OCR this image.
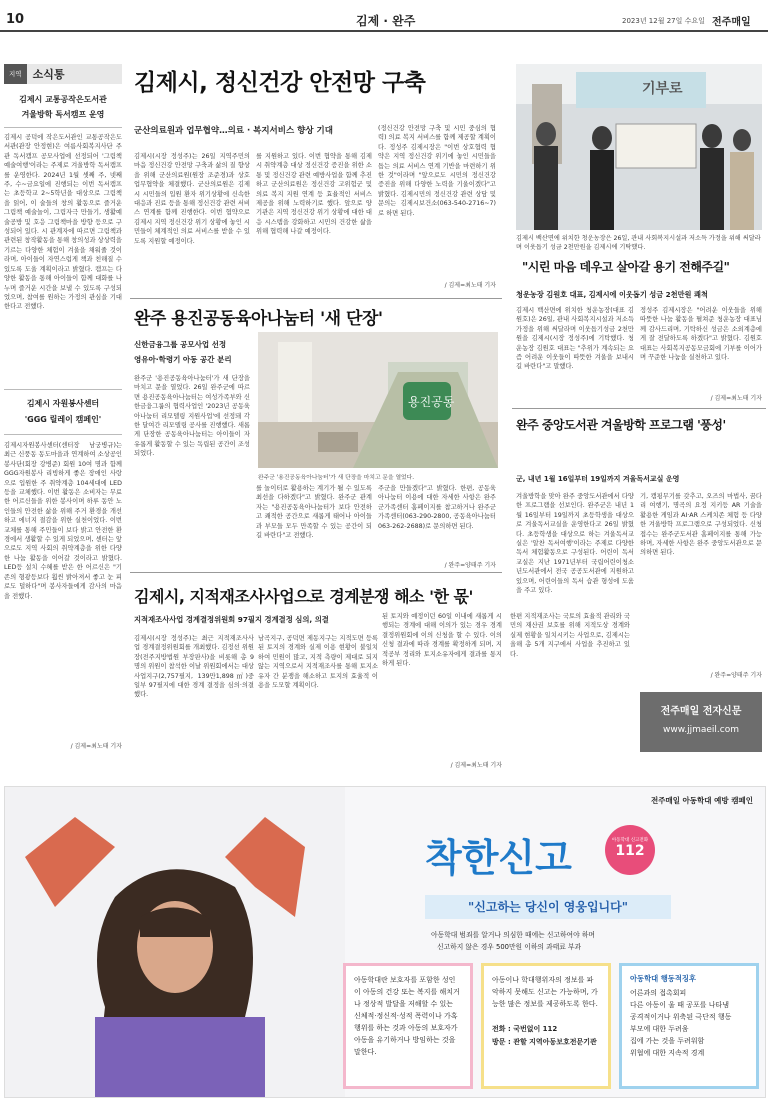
10	김제 · 완주	2023년 12월 27일 수요일 전주매일
지역	소식통
김제시 교통공작은도서관
겨울방학 독서캠프 운영
김제시 공덕에 작은도서관인 교통공작은도서관(관장 안정현)은 여름사회복지사단 주관 독서캠프 공모사업에 선정되어 '그림책 예술여행'이라는 주제로 겨울방학 독서캠프를 운영한다. 2024년 1월 셋째 주, 넷째 주, 수~금요일에 진행되는 이번 독서캠프는 초등학교 2~5학년을 대상으로 그림책을 읽어, 이 술들의 창의 활동으로 즐거운 그림책 예술놀이, 그림자극 만들기, 생활예술공방 및 호응 그림책마을 방향 등으로 구성되어 있다. 시 관계자에 따르면 그림책과 관련된 창작활동을 통해 창의성과 상상력을 기르는 다양한 체험이 겨울을 채워줄 것이라며, 아이들이 자연스럽게 책과 친해질 수 있도록 도울 계획이라고 밝혔다. 캠프는 다양한 활동을 통해 아이들이 함께 대화를 나누며 즐거운 시간을 보낼 수 있도록 구성되었으며, 참여를 원하는 가정의 관심을 기대한다고 전했다.
김제시 자원봉사센터
'GGG 릴레이 캠페인'
김제시자원봉사센터(센터장 남궁병규)는 최근 신풍동 동도마을과 연계하여 소상공인 봉사단(회장 강병준) 회원 10여 명과 함께 GGG자원봉사 리빙하게 좋은 장애인 사랑으로 입원한 주 취약계층 104세대에 LED등을 교체했다. 이번 활동은 소비자는 무료한 어르신들을 위한 봉사이며 하루 동안 노인들의 안전한 삶을 위해 주거 환경을 개선하고 에너지 절감을 위한 실천이었다. 이번 교체를 통해 주민들이 보다 밝고 안전한 환경에서 생활할 수 있게 되었으며, 센터는 앞으로도 지역 사회의 취약계층을 위한 다양한 나눔 활동을 이어갈 것이라고 밝혔다. LED등 설치 수혜를 받은 한 어르신은 "기존의 형광등보다 훨씬 밝아져서 좋고 눈 피로도 덜하다"며 봉사자들에게 감사의 마음을 전했다.
/ 김제=최노태 기자
김제시, 정신건강 안전망 구축
군산의료원과 업무협약…의료 · 복지서비스 향상 기대
김제시(시장 정성주)는 26일 지역주민의 마음 정신건강 안전망 구축과 삶의 질 향상을 위해 군산의료원(원장 조준경)과 상호 업무협약을 체결했다. 군산의료원은 김제시 시민들의 입원 환자 위기상황에 신속한 대응과 진료 등을 통해 정신건강 관련 서비스 연계를 함께 진행한다. 이번 협약으로 김제시 지역 정신건강 위기 상황에 놓인 시민들이 체계적인 의료 서비스를 받을 수 있도록 지원할 예정이다.
를 지원하고 있다. 이번 협약을 통해 김제시 취약계층 대상 정신건강 증진을 위한 소통 및 정신건강 관련 예방사업을 함께 추진하고 군산의료원은 정신건강 고위험군 및 의료 복지 지원 연계 등 효율적인 서비스 제공을 위해 노력하기로 했다. 앞으로 양 기관은 지역 정신건강 위기 상황에 대한 대응 시스템을 강화하고 시민의 건강한 삶을 위해 협력해 나갈 예정이다.
(정신건강 안전망 구축 및 시민 중심의 협력) 의료 복지 서비스를 함께 제공할 계획이다. 정성주 김제시장은 "이번 상호협력 협약은 지역 정신건강 위기에 놓인 시민들을 돕는 의료 서비스 연계 기반을 마련하기 위한 것"이라며 "앞으로도 시민의 정신건강 증진을 위해 다양한 노력을 기울이겠다"고 밝혔다. 김제시민의 정신건강 관련 상담 및 문의는 김제시보건소(063-540-2716~7)로 하면 된다.
/ 김제=최노태 기자
완주 용진공동육아나눔터 '새 단장'
신한금융그룹 공모사업 선정
영유아·학령기 아동 공간 분리
완주군 '용진공동육아나눔터'가 새 단장을 마치고 문을 열었다. 26일 완주군에 따르면 용진공동육아나눔터는 여성가족부와 신한금융그룹의 협력사업인 '2023년 공동육아나눔터 리모델링 지원사업'에 선정돼 각 한 달여간 리모델링 공사를 진행했다. 새롭게 단장한 공동육아나눔터는 아이들이 자유롭게 활동할 수 있는 독립된 공간이 조성되었다.
용진공동
완주군 '용진공동육아나눔터'가 새 단장을 마치고 문을 열었다.
를 놀이터로 활용하는 계기가 될 수 있도록 최선을 다하겠다"고 밝혔다. 완주군 관계자는 "용진공동육아나눔터가 보다 안전하고 쾌적한 공간으로 새롭게 태어나 아이들과 부모들 모두 만족할 수 있는 공간이 되길 바란다"고 전했다.
주군을 만들겠다"고 밝혔다. 한편, 공동육아나눔터 이용에 대한 자세한 사항은 완주군가족센터 홈페이지를 참고하거나 완주군가족센터(063-290-2800, 공동육아나눔터 063-262-2688)로 문의하면 된다.
/ 완주=양태주 기자
김제시, 지적재조사사업으로 경계분쟁 해소 '한 몫'
지적재조사사업 경계결정위원회 97필지 경계결정 심의, 의결
김제시(시장 정성주)는 최근 지적재조사사업 경계결정위원회를 개최했다. 김정선 위원장(전주지방법원 부장판사)을 비롯해 총 9명의 위원이 참석한 이날 위원회에서는 대상 사업지구(2,757필지, 139만1,898㎡)중 일부 97필지에 대한 경계 결정을 심의·의결했다.
남곡지구, 공덕면 제동지구는 지적도면 등록된 토지의 경계와 실제 이용 현황이 불일치하여 민원이 많고, 지적 측량이 제대로 되지 않는 지역으로서 지적재조사를 통해 토지소유자 간 분쟁을 해소하고 토지의 효율적 이용을 도모할 계획이다.
된 토지와 예정이던 60일 이내에 새롭게 시행되는 경계에 대해 이의가 있는 경우 경계결정위원회에 이의 신청을 할 수 있다. 이의 신청 결과에 따라 경계를 확정하게 되며, 지적공부 정리와 토지소유자에게 결과를 통지하게 된다.
한편 지적재조사는 국토의 효율적 관리와 국민의 재산권 보호를 위해 지적도상 경계와 실제 현황을 일치시키는 사업으로, 김제시는 올해 총 5개 지구에서 사업을 추진하고 있다.
/ 김제=최노태 기자
기부로
김제시 백산면에 위치한 청운농장은 26일, 관내 사회복지시설과 저소득 가정을 위해 써달라며 이웃돕기 성금 2천만원을 김제시에 기탁했다.
"시린 마음 데우고 살아갈 용기 전해주길"
청운농장 김원호 대표, 김제시에 이웃돕기 성금 2천만원 쾌척
김제시 백산면에 위치한 청운농장(대표 김원호)은 26일, 관내 사회복지시설과 저소득 가정을 위해 써달라며 이웃돕기성금 2천만원을 김제시(시장 정성주)에 기탁했다. 청운농장 김원호 대표는 "추위가 계속되는 요즘 어려운 이웃들이 따뜻한 겨울을 보내시길 바란다"고 말했다.
정성주 김제시장은 "어려운 이웃들을 위해 따뜻한 나눔 활동을 펼쳐준 청운농장 대표님께 감사드리며, 기탁하신 성금은 소외계층에게 잘 전달하도록 하겠다"고 밝혔다. 김원호 대표는 사회복지공동모금회에 기부를 이어가며 꾸준한 나눔을 실천하고 있다.
/ 김제=최노태 기자
완주 중앙도서관 겨울방학 프로그램 '풍성'
군, 내년 1월 16일부터 19일까지 겨울독서교실 운영
겨울방학을 맞아 완주 중앙도서관에서 다양한 프로그램을 선보인다. 완주군은 내년 1월 16일부터 19일까지 초등학생을 대상으로 겨울독서교실을 운영한다고 26일 밝혔다. 초등학생을 대상으로 하는 겨울독서교실은 '알찬 독서여행'이라는 주제로 다양한 독서 체험활동으로 구성된다. 어린이 독서교실은 지난 1971년부터 국립어린이청소년도서관에서 전국 공공도서관에 지원하고 있으며, 어린이들의 독서 습관 형성에 도움을 주고 있다.
기, 캠핑무기를 갖추고, 오즈의 마법사, 꿈다리 여행기, 명곡의 요정 지키등 AR 기술을 활용한 게임과 AI·AR 스케치존 체험 등 다양한 겨울방학 프로그램으로 구성되었다. 신청 접수는 완주군도서관 홈페이지를 통해 가능하며, 자세한 사항은 완주 중앙도서관으로 문의하면 된다.
/ 완주=양태주 기자
전주매일 전자신문
www.jjmaeil.com
전주매일 아동학대 예방 캠페인
착한신고	아동학대 신고전화
112
"신고하는 당신이 영웅입니다"
아동학대 범죄를 알거나 의심한 때에는 신고하여야 하며
신고하지 않은 경우 500만원 이하의 과태료 부과
아동학대란 보호자를 포함한 성인이 아동의 건강 또는 복지를 해치거나 정상적 발달을 저해할 수 있는 신체적·정신적·성적 폭력이나 가혹행위를 하는 것과 아동의 보호자가 아동을 유기하거나 방임하는 것을 말한다.
아동이나 학대행위자의 정보를 파악하지 못해도 신고는 가능하며, 가능한 많은 정보를 제공하도록 한다.
전화 : 국번없이 112
방문 : 관할 지역아동보호전문기관
아동학대 행동적징후
어른과의 접촉회피
다른 아동이 울 때 공포를 나타냄
공격적이거나 위축된 극단적 행동
부모에 대한 두려움
집에 가는 것을 두려워함
위협에 대한 지속적 경계
